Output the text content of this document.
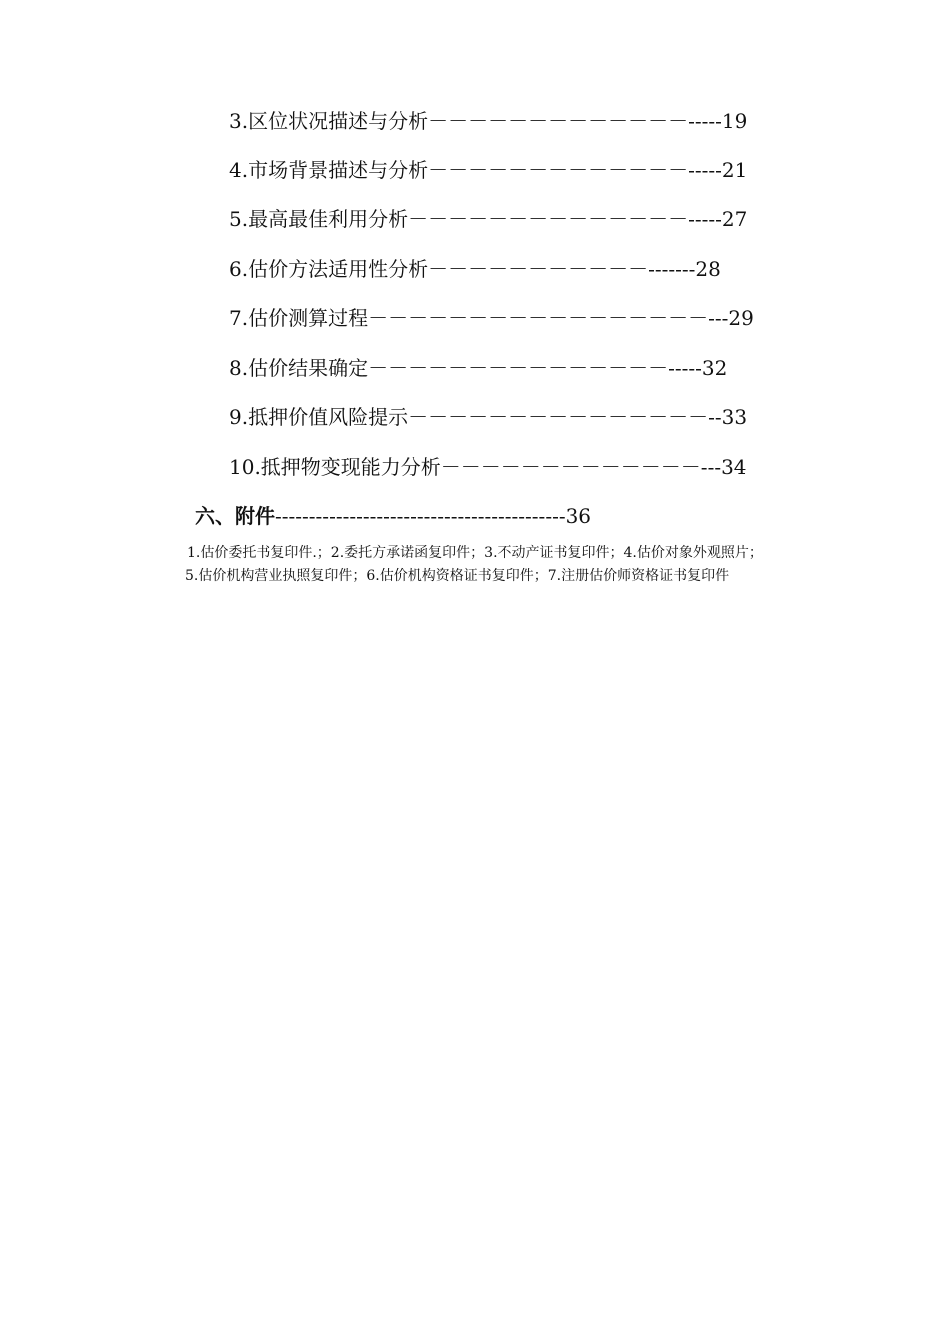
3.区位状况描述与分析－－－－－－－－－－－－－-----19
4.市场背景描述与分析－－－－－－－－－－－－－-----21
5.最高最佳利用分析－－－－－－－－－－－－－－-----27
6.估价方法适用性分析－－－－－－－－－－－-------28
7.估价测算过程－－－－－－－－－－－－－－－－－---29
8.估价结果确定－－－－－－－－－－－－－－－-----32
9.抵押价值风险提示－－－－－－－－－－－－－－－--33
10.抵押物变现能力分析－－－－－－－－－－－－－---34
六、附件-------------------------------------------36
1.估价委托书复印件.；2.委托方承诺函复印件；3.不动产证书复印件；4.估价对象外观照片；
5.估价机构营业执照复印件；6.估价机构资格证书复印件；7.注册估价师资格证书复印件
